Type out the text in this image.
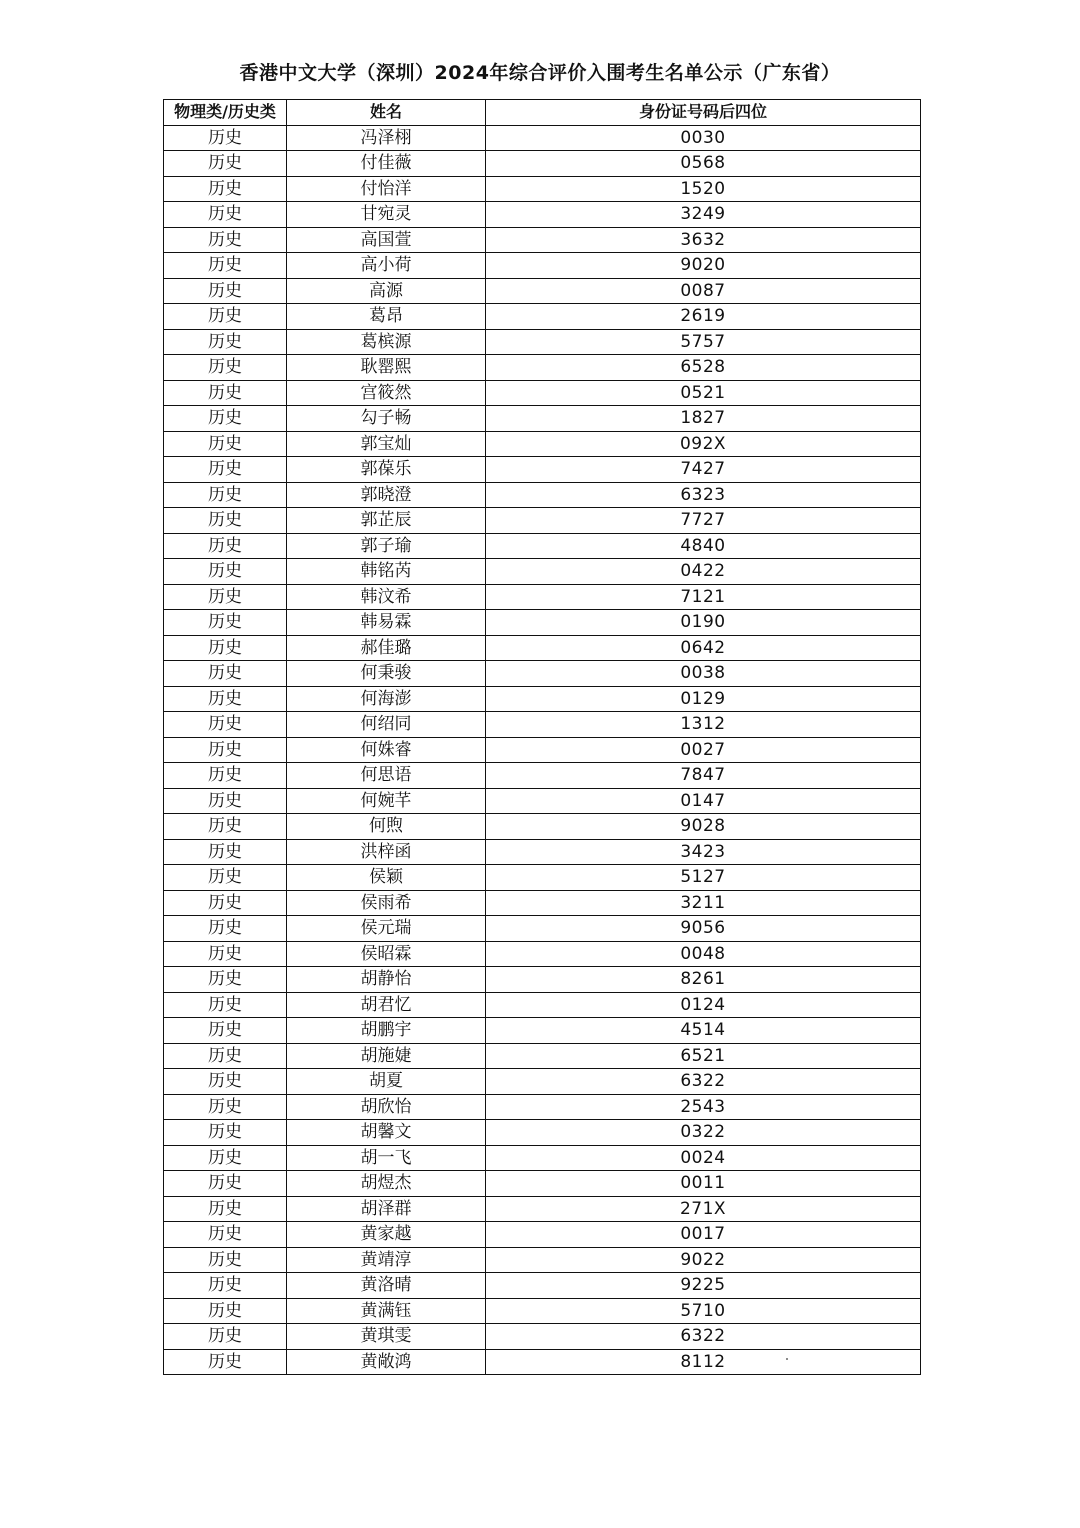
香港中文大学（深圳）2024年综合评价入围考生名单公示（广东省）
物理类/历史类	姓名	身份证号码后四位
历史	冯泽栩	0030
历史	付佳薇	0568
历史	付怡洋	1520
历史	甘宛灵	3249
历史	高国萱	3632
历史	高小荷	9020
历史	高源	0087
历史	葛昂	2619
历史	葛槟源	5757
历史	耿罂熙	6528
历史	宫筱然	0521
历史	勾子畅	1827
历史	郭宝灿	092X
历史	郭葆乐	7427
历史	郭晓澄	6323
历史	郭芷辰	7727
历史	郭子瑜	4840
历史	韩铭芮	0422
历史	韩汶希	7121
历史	韩易霖	0190
历史	郝佳璐	0642
历史	何秉骏	0038
历史	何海澎	0129
历史	何绍同	1312
历史	何姝睿	0027
历史	何思语	7847
历史	何婉芊	0147
历史	何煦	9028
历史	洪梓函	3423
历史	侯颖	5127
历史	侯雨希	3211
历史	侯元瑞	9056
历史	侯昭霖	0048
历史	胡静怡	8261
历史	胡君忆	0124
历史	胡鹏宇	4514
历史	胡施婕	6521
历史	胡夏	6322
历史	胡欣怡	2543
历史	胡馨文	0322
历史	胡一飞	0024
历史	胡煜杰	0011
历史	胡泽群	271X
历史	黄家越	0017
历史	黄靖淳	9022
历史	黄洛晴	9225
历史	黄满钰	5710
历史	黄琪雯	6322
历史	黄敞鸿	8112
